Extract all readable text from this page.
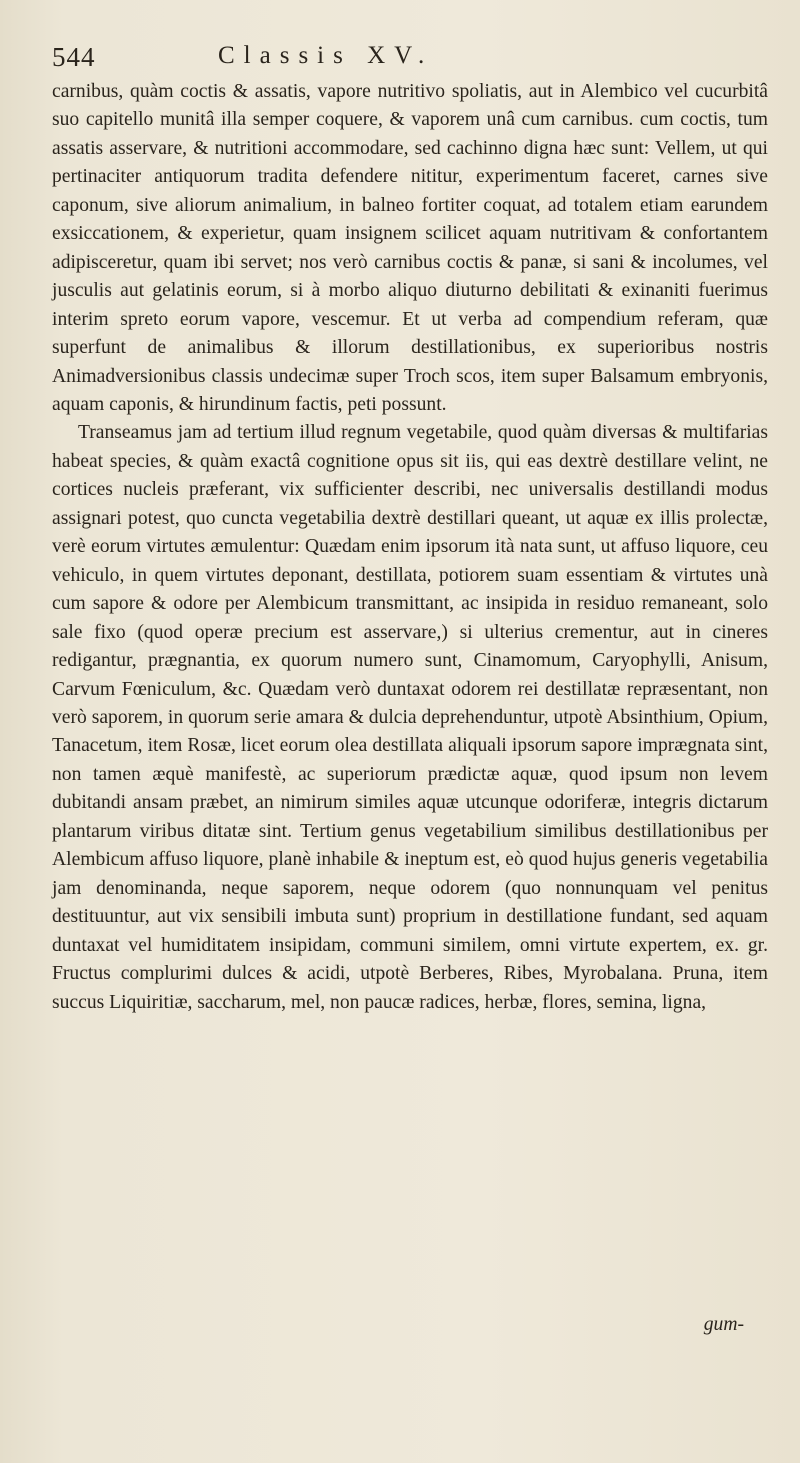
544	Classis XV.

carnibus, quàm coctis & assatis, vapore nutritivo spoliatis, aut in Alembico vel cucurbitâ suo capitello munitâ illa semper coquere, & vaporem unâ cum carnibus. cum coctis, tum assatis asservare, & nutritioni accommodare, sed cachinno digna hæc sunt: Vellem, ut qui pertinaciter antiquorum tradita defendere nititur, experimentum faceret, carnes sive caponum, sive aliorum animalium, in balneo fortiter coquat, ad totalem etiam earundem exsiccationem, & experietur, quam insignem scilicet aquam nutritivam & confortantem adipisceretur, quam ibi servet; nos verò carnibus coctis & panæ, si sani & incolumes, vel jusculis aut gelatinis eorum, si à morbo aliquo diuturno debilitati & exinaniti fuerimus interim spreto eorum vapore, vescemur. Et ut verba ad compendium referam, quæ superfunt de animalibus & illorum destillationibus, ex superioribus nostris Animadversionibus classis undecimæ super Troch scos, item super Balsamum embryonis, aquam caponis, & hirundinum factis, peti possunt.

Transeamus jam ad tertium illud regnum vegetabile, quod quàm diversas & multifarias habeat species, & quàm exactâ cognitione opus sit iis, qui eas dextrè destillare velint, ne cortices nucleis præferant, vix sufficienter describi, nec universalis destillandi modus assignari potest, quo cuncta vegetabilia dextrè destillari queant, ut aquæ ex illis prolectæ, verè eorum virtutes æmulentur: Quædam enim ipsorum ità nata sunt, ut affuso liquore, ceu vehiculo, in quem virtutes deponant, destillata, potiorem suam essentiam & virtutes unà cum sapore & odore per Alembicum transmittant, ac insipida in residuo remaneant, solo sale fixo (quod operæ precium est asservare,) si ulterius crementur, aut in cineres redigantur, prægnantia, ex quorum numero sunt, Cinamomum, Caryophylli, Anisum, Carvum Fœniculum, &c. Quædam verò duntaxat odorem rei destillatæ repræsentant, non verò saporem, in quorum serie amara & dulcia deprehenduntur, utpotè Absinthium, Opium, Tanacetum, item Rosæ, licet eorum olea destillata aliquali ipsorum sapore imprægnata sint, non tamen æquè manifestè, ac superiorum prædictæ aquæ, quod ipsum non levem dubitandi ansam præbet, an nimirum similes aquæ utcunque odoriferæ, integris dictarum plantarum viribus ditatæ sint. Tertium genus vegetabilium similibus destillationibus per Alembicum affuso liquore, planè inhabile & ineptum est, eò quod hujus generis vegetabilia jam denominanda, neque saporem, neque odorem (quo nonnunquam vel penitus destituuntur, aut vix sensibili imbuta sunt) proprium in destillatione fundant, sed aquam duntaxat vel humiditatem insipidam, communi similem, omni virtute expertem, ex. gr. Fructus complurimi dulces & acidi, utpotè Berberes, Ribes, Myrobalana. Pruna, item succus Liquiritiæ, saccharum, mel, non paucæ radices, herbæ, flores, semina, ligna,

gum-
